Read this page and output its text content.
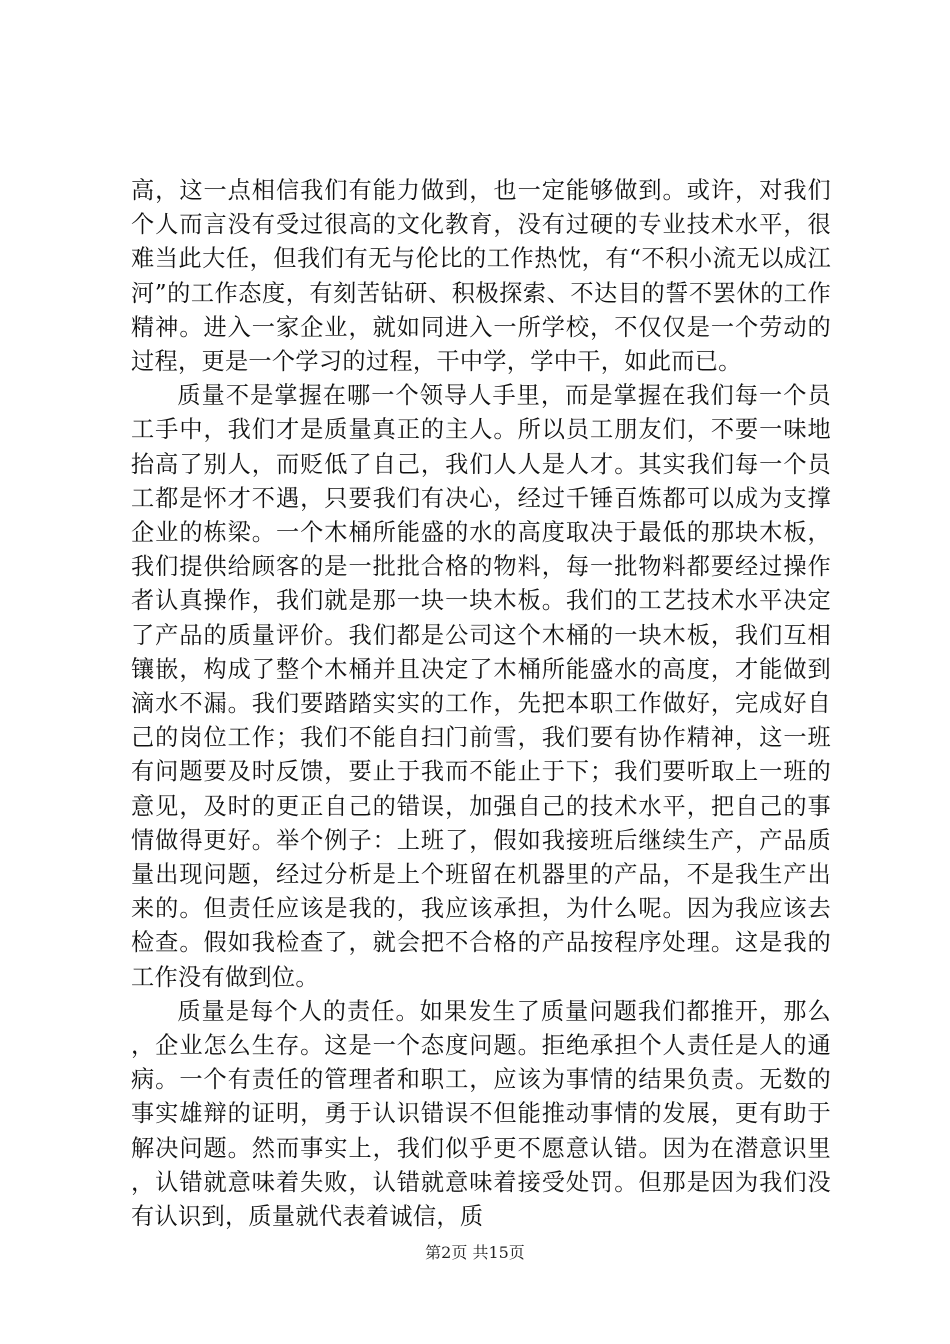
高，这一点相信我们有能力做到，也一定能够做到。或许，对我们个人而言没有受过很高的文化教育，没有过硬的专业技术水平，很难当此大任，但我们有无与伦比的工作热忱，有“不积小流无以成江河”的工作态度，有刻苦钻研、积极探索、不达目的誓不罢休的工作精神。进入一家企业，就如同进入一所学校，不仅仅是一个劳动的过程，更是一个学习的过程，干中学，学中干，如此而已。

质量不是掌握在哪一个领导人手里，而是掌握在我们每一个员工手中，我们才是质量真正的主人。所以员工朋友们，不要一味地抬高了别人，而贬低了自己，我们人人是人才。其实我们每一个员工都是怀才不遇，只要我们有决心，经过千锤百炼都可以成为支撑企业的栋梁。一个木桶所能盛的水的高度取决于最低的那块木板，我们提供给顾客的是一批批合格的物料，每一批物料都要经过操作者认真操作，我们就是那一块一块木板。我们的工艺技术水平决定了产品的质量评价。我们都是公司这个木桶的一块木板，我们互相镶嵌，构成了整个木桶并且决定了木桶所能盛水的高度，才能做到滴水不漏。我们要踏踏实实的工作，先把本职工作做好，完成好自己的岗位工作；我们不能自扫门前雪，我们要有协作精神，这一班有问题要及时反馈，要止于我而不能止于下；我们要听取上一班的意见，及时的更正自己的错误，加强自己的技术水平，把自己的事情做得更好。举个例子：上班了，假如我接班后继续生产，产品质量出现问题，经过分析是上个班留在机器里的产品，不是我生产出来的。但责任应该是我的，我应该承担，为什么呢。因为我应该去检查。假如我检查了，就会把不合格的产品按程序处理。这是我的工作没有做到位。

质量是每个人的责任。如果发生了质量问题我们都推开，那么，企业怎么生存。这是一个态度问题。拒绝承担个人责任是人的通病。一个有责任的管理者和职工，应该为事情的结果负责。无数的事实雄辩的证明，勇于认识错误不但能推动事情的发展，更有助于解决问题。然而事实上，我们似乎更不愿意认错。因为在潜意识里，认错就意味着失败，认错就意味着接受处罚。但那是因为我们没有认识到，质量就代表着诚信，质

第2页 共15页
